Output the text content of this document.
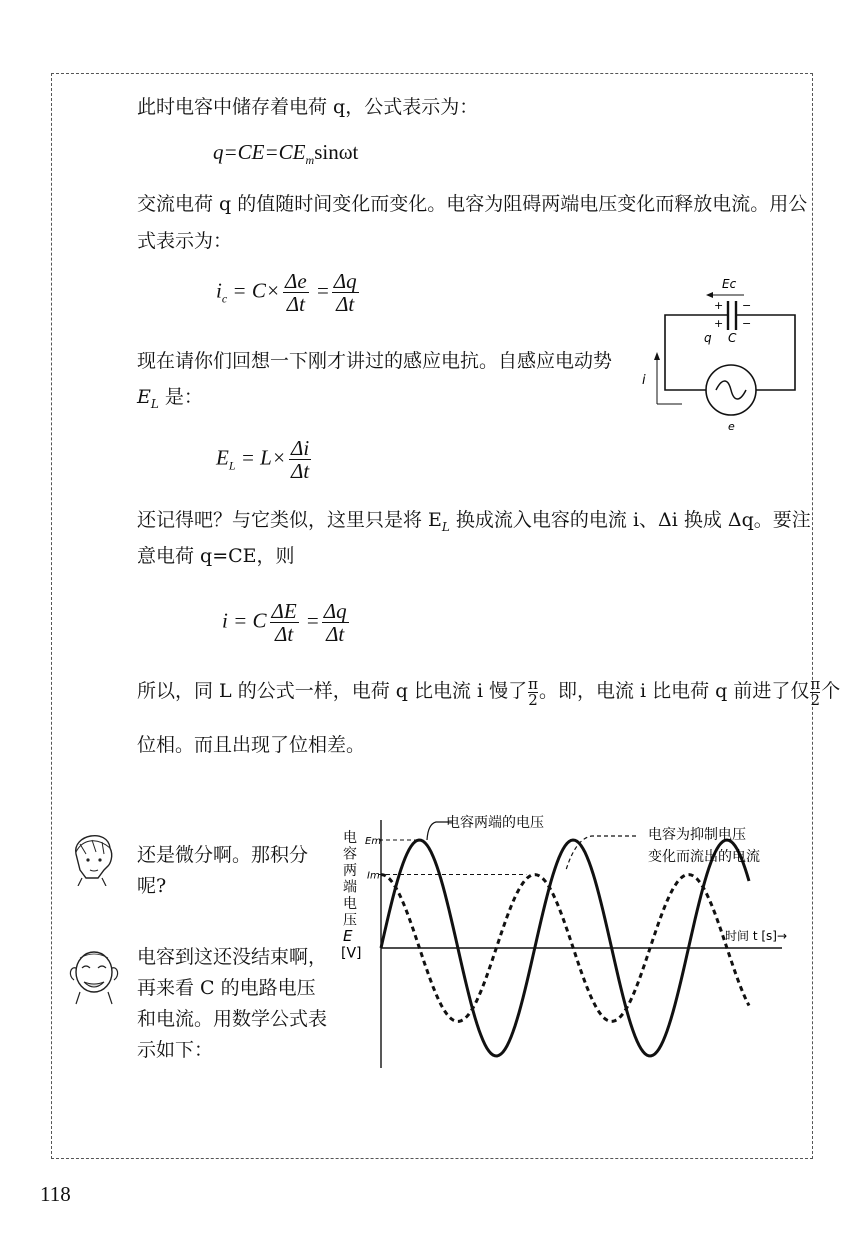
此时电容中储存着电荷 q，公式表示为：
$q=CE=CE_m\sin\omega t$
交流电荷 q 的值随时间变化而变化。电容为阻碍两端电压变化而释放电流。用公
式表示为：
$i_c = C\times \frac{\Delta e}{\Delta t} = \frac{\Delta q}{\Delta t}$	Ec
+ −
+ −
q C
e
i
现在请你们回想一下刚才讲过的感应电抗。自感应电动势
$E_L$ 是：
$E_L = L\times \frac{\Delta i}{\Delta t}$
还记得吧？与它类似，这里只是将 $E_L$ 换成流入电容的电流 i、Δi 换成 Δq。要注
意电荷 q=CE，则
i = C $\frac{\Delta E}{\Delta t} = \frac{\Delta q}{\Delta t}$
所以，同 L 的公式一样，电荷 q 比电流 i 慢了 $\frac{\pi}{2}$ 。即，电流 i 比电荷 q 前进了仅 $\frac{\pi}{2}$ 个
位相。而且出现了位相差。
还是微分啊。那积分呢?
电容到这还没结束啊，再来看 C 的电路电压和电流。用数学公式表示如下：
电
容
两
端
电
压
E
[V]
Em
Im
时间 t [s]→
电容两端的电压
电容为抑制电压
变化而流出的电流
118
